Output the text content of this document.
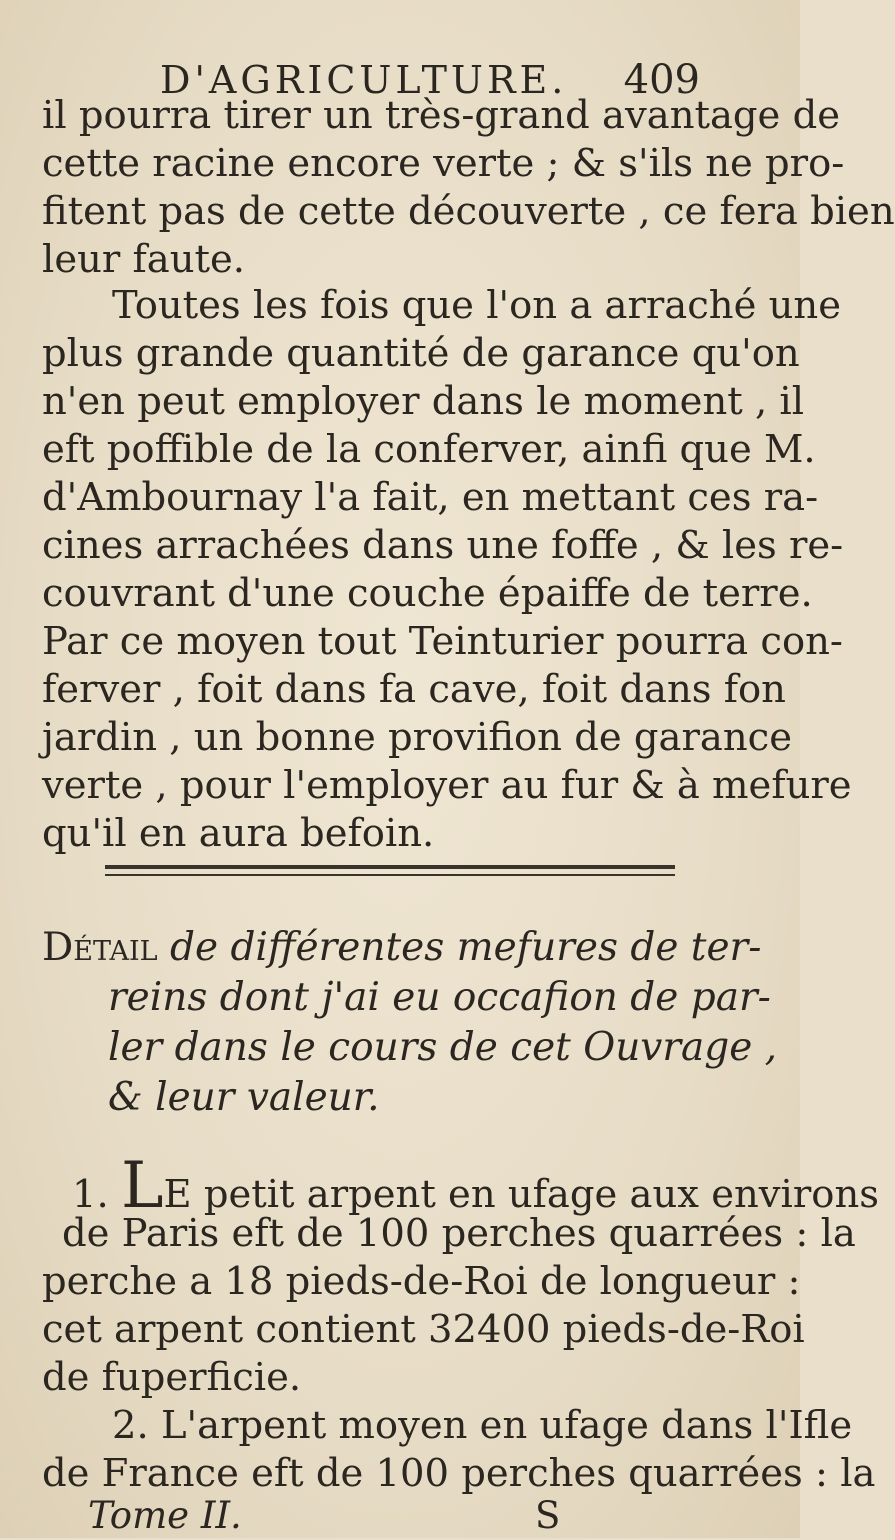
D'AGRICULTURE. 409
il pourra tirer un très-grand avantage de
cette racine encore verte ; & s'ils ne pro-
fitent pas de cette découverte , ce fera bien
leur faute.
Toutes les fois que l'on a arraché une
plus grande quantité de garance qu'on
n'en peut employer dans le moment , il
eft poffible de la conferver, ainfi que M.
d'Ambournay l'a fait, en mettant ces ra-
cines arrachées dans une foffe , & les re-
couvrant d'une couche épaiffe de terre.
Par ce moyen tout Teinturier pourra con-
ferver , foit dans fa cave, foit dans fon
jardin , un bonne provifion de garance
verte , pour l'employer au fur & à mefure
qu'il en aura befoin.
Détail de différentes mefures de ter-
reins dont j'ai eu occafion de par-
ler dans le cours de cet Ouvrage ,
& leur valeur.
1. LE petit arpent en ufage aux environs
de Paris eft de 100 perches quarrées : la
perche a 18 pieds-de-Roi de longueur :
cet arpent contient 32400 pieds-de-Roi
de fuperficie.
2. L'arpent moyen en ufage dans l'Ifle
de France eft de 100 perches quarrées : la
Tome II.	S
